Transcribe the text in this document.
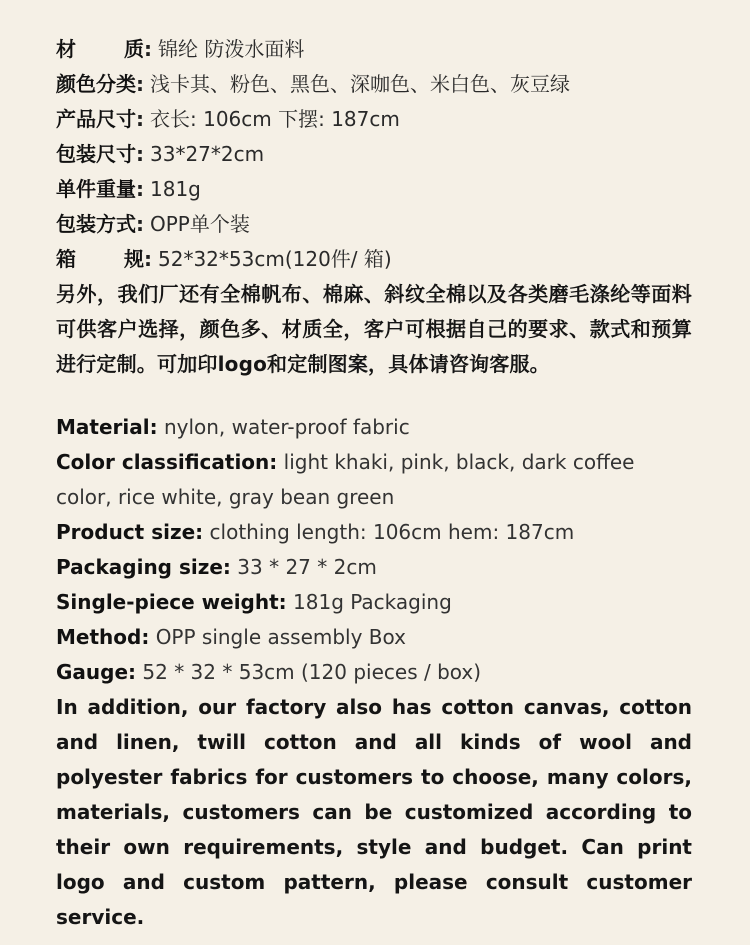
材 质 : 锦纶 防泼水面料
颜色分类 : 浅卡其、粉色、黑色、深咖色、米白色、灰豆绿
产品尺寸 : 衣长: 106cm 下摆: 187cm
包装尺寸 : 33*27*2cm
单件重量 : 181g
包装方式 : OPP单个装
箱 规 : 52*32*53cm(120件/ 箱)
另外，我们厂还有全棉帆布、棉麻、斜纹全棉以及各类磨毛涤纶等面料可供客户选择，颜色多、材质全，客户可根据自己的要求、款式和预算进行定制。可加印logo和定制图案，具体请咨询客服。
Material: nylon, water-proof fabric
Color classification: light khaki, pink, black, dark coffee color, rice white, gray bean green
Product size: clothing length: 106cm hem: 187cm
Packaging size: 33 * 27 * 2cm
Single-piece weight: 181g Packaging
Method: OPP single assembly Box
Gauge: 52 * 32 * 53cm (120 pieces / box)
In addition, our factory also has cotton canvas, cotton and linen, twill cotton and all kinds of wool and polyester fabrics for customers to choose, many colors, materials, customers can be customized according to their own requirements, style and budget. Can print logo and custom pattern, please consult customer service.
